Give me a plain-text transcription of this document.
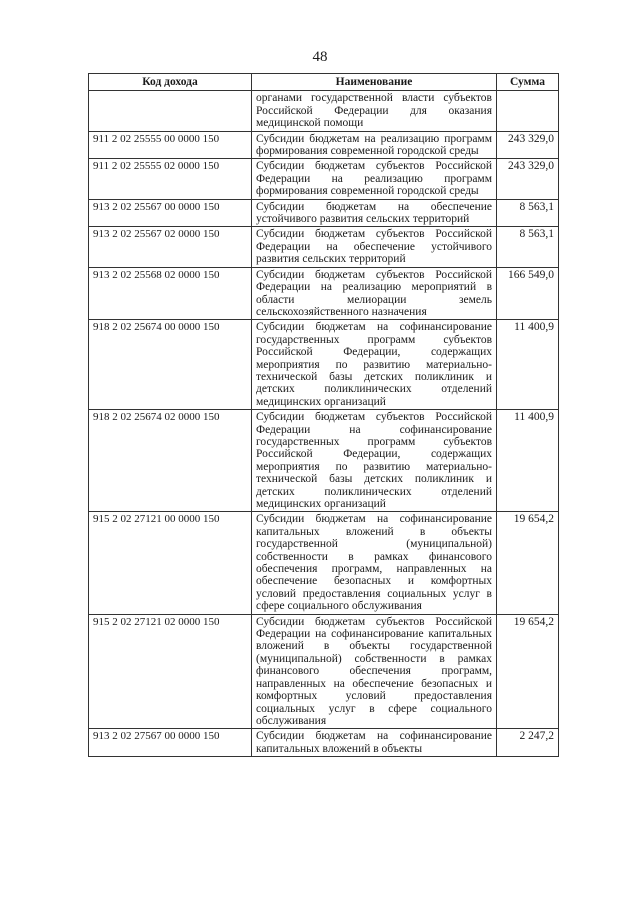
48
Код дохода	Наименование	Сумма
	органами государственной власти субъектов Российской Федерации для оказания медицинской помощи	
911 2 02 25555 00 0000 150	Субсидии бюджетам на реализацию программ формирования современной городской среды	243 329,0
911 2 02 25555 02 0000 150	Субсидии бюджетам субъектов Российской Федерации на реализацию программ формирования современной городской среды	243 329,0
913 2 02 25567 00 0000 150	Субсидии бюджетам на обеспечение устойчивого развития сельских территорий	8 563,1
913 2 02 25567 02 0000 150	Субсидии бюджетам субъектов Российской Федерации на обеспечение устойчивого развития сельских территорий	8 563,1
913 2 02 25568 02 0000 150	Субсидии бюджетам субъектов Российской Федерации на реализацию мероприятий в области мелиорации земель сельскохозяйственного назначения	166 549,0
918 2 02 25674 00 0000 150	Субсидии бюджетам на софинансирование государственных программ субъектов Российской Федерации, содержащих мероприятия по развитию материально-технической базы детских поликлиник и детских поликлинических отделений медицинских организаций	11 400,9
918 2 02 25674 02 0000 150	Субсидии бюджетам субъектов Российской Федерации на софинансирование государственных программ субъектов Российской Федерации, содержащих мероприятия по развитию материально-технической базы детских поликлиник и детских поликлинических отделений медицинских организаций	11 400,9
915 2 02 27121 00 0000 150	Субсидии бюджетам на софинансирование капитальных вложений в объекты государственной (муниципальной) собственности в рамках финансового обеспечения программ, направленных на обеспечение безопасных и комфортных условий предоставления социальных услуг в сфере социального обслуживания	19 654,2
915 2 02 27121 02 0000 150	Субсидии бюджетам субъектов Российской Федерации на софинансирование капитальных вложений в объекты государственной (муниципальной) собственности в рамках финансового обеспечения программ, направленных на обеспечение безопасных и комфортных условий предоставления социальных услуг в сфере социального обслуживания	19 654,2
913 2 02 27567 00 0000 150	Субсидии бюджетам на софинансирование капитальных вложений в объекты	2 247,2
